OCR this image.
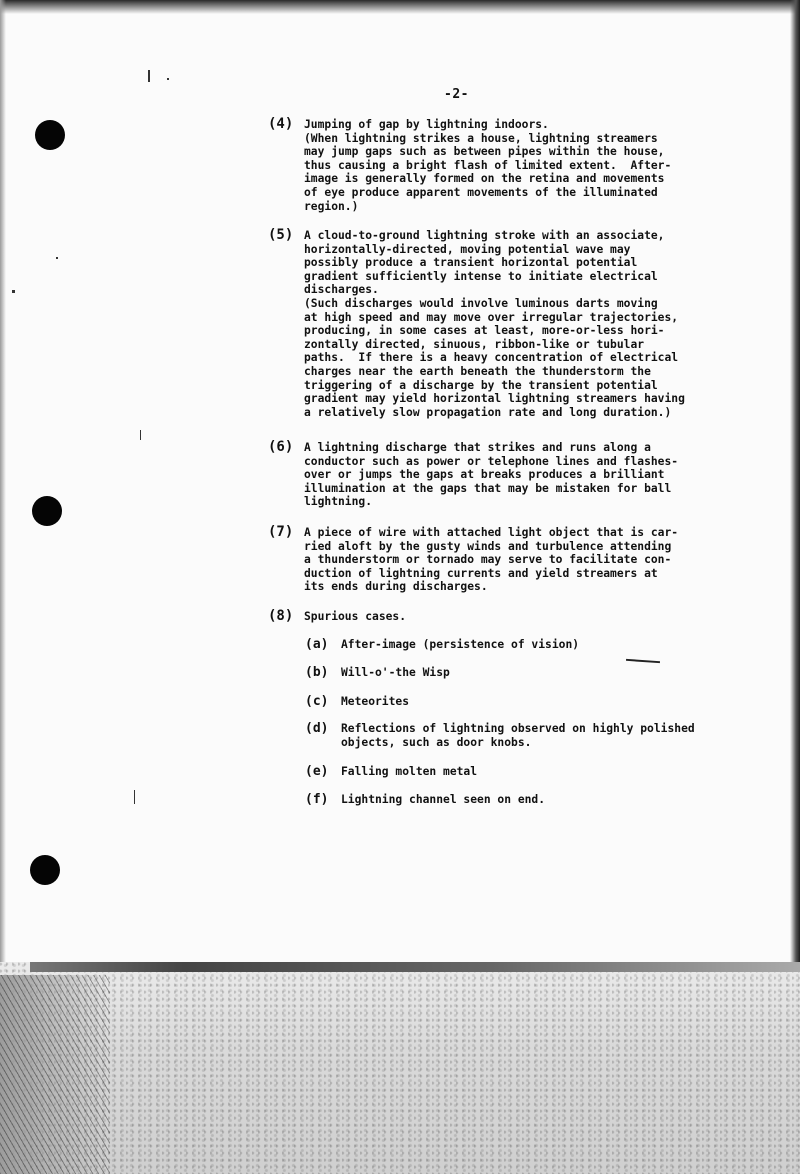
-2-
(4) Jumping of gap by lightning indoors.
(When lightning strikes a house, lightning streamers
may jump gaps such as between pipes within the house,
thus causing a bright flash of limited extent.  After-
image is generally formed on the retina and movements
of eye produce apparent movements of the illuminated
region.)
(5) A cloud-to-ground lightning stroke with an associate,
horizontally-directed, moving potential wave may
possibly produce a transient horizontal potential
gradient sufficiently intense to initiate electrical
discharges.
(Such discharges would involve luminous darts moving
at high speed and may move over irregular trajectories,
producing, in some cases at least, more-or-less hori-
zontally directed, sinuous, ribbon-like or tubular
paths.  If there is a heavy concentration of electrical
charges near the earth beneath the thunderstorm the
triggering of a discharge by the transient potential
gradient may yield horizontal lightning streamers having
a relatively slow propagation rate and long duration.)
(6) A lightning discharge that strikes and runs along a
conductor such as power or telephone lines and flashes-
over or jumps the gaps at breaks produces a brilliant
illumination at the gaps that may be mistaken for ball
lightning.
(7) A piece of wire with attached light object that is car-
ried aloft by the gusty winds and turbulence attending
a thunderstorm or tornado may serve to facilitate con-
duction of lightning currents and yield streamers at
its ends during discharges.
(8) Spurious cases.
(a) After-image (persistence of vision)
(b) Will-o'-the Wisp
(c) Meteorites
(d) Reflections of lightning observed on highly polished
objects, such as door knobs.
(e) Falling molten metal
(f) Lightning channel seen on end.
